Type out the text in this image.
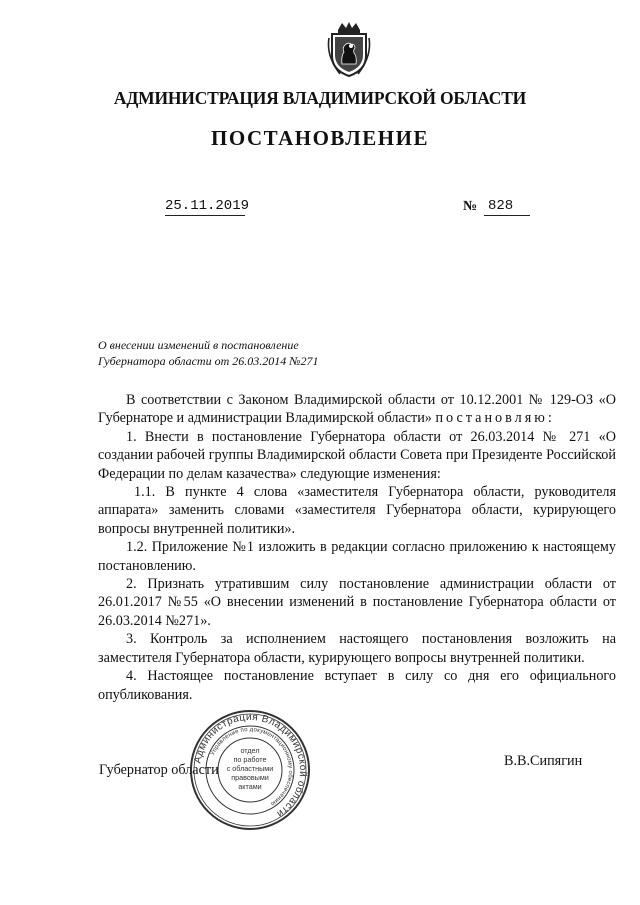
АДМИНИСТРАЦИЯ ВЛАДИМИРСКОЙ ОБЛАСТИ
ПОСТАНОВЛЕНИЕ
25.11.2019	№ 828
О внесении изменений в постановление
Губернатора области от 26.03.2014 №271

В соответствии с Законом Владимирской области от 10.12.2001 № 129-ОЗ «О Губернаторе и администрации Владимирской области» постановляю:

1. Внести в постановление Губернатора области от 26.03.2014 № 271 «О создании рабочей группы Владимирской области Совета при Президенте Российской Федерации по делам казачества» следующие изменения:

1.1. В пункте 4 слова «заместителя Губернатора области, руководителя аппарата» заменить словами «заместителя Губернатора области, курирующего вопросы внутренней политики».

1.2. Приложение №1 изложить в редакции согласно приложению к настоящему постановлению.

2. Признать утратившим силу постановление администрации области от 26.01.2017 №55 «О внесении изменений в постановление Губернатора области от 26.03.2014 №271».

3. Контроль за исполнением настоящего постановления возложить на заместителя Губернатора области, курирующего вопросы внутренней политики.

4. Настоящее постановление вступает в силу со дня его официального опубликования.

Губернатор области
В.В.Сипягин
Администрация Владимирской области
Управление по документационному обеспечению
отдел
по работе
с областными
правовыми
актами
